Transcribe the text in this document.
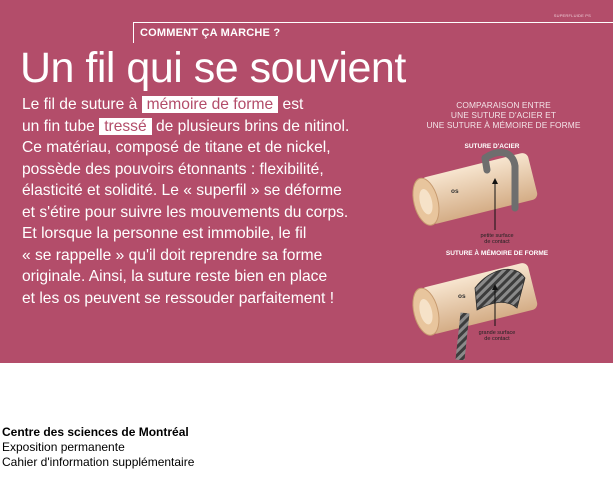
COMMENT ÇA MARCHE ?
SUPERFLUIDE PS
Un fil qui se souvient

Le fil de suture à mémoire de forme est

un fin tube tressé de plusieurs brins de nitinol.

Ce matériau, composé de titane et de nickel,

possède des pouvoirs étonnants : flexibilité,

élasticité et solidité. Le « superfil » se déforme

et s'étire pour suivre les mouvements du corps.

Et lorsque la personne est immobile, le fil

« se rappelle » qu'il doit reprendre sa forme

originale. Ainsi, la suture reste bien en place

et les os peuvent se ressouder parfaitement !

COMPARAISON ENTRE
UNE SUTURE D'ACIER ET
UNE SUTURE À MÉMOIRE DE FORME
SUTURE D'ACIER
os
petite surface
de contact
SUTURE À MÉMOIRE DE FORME
os
grande surface
de contact
Centre des sciences de Montréal
Exposition permanente
Cahier d'information supplémentaire
